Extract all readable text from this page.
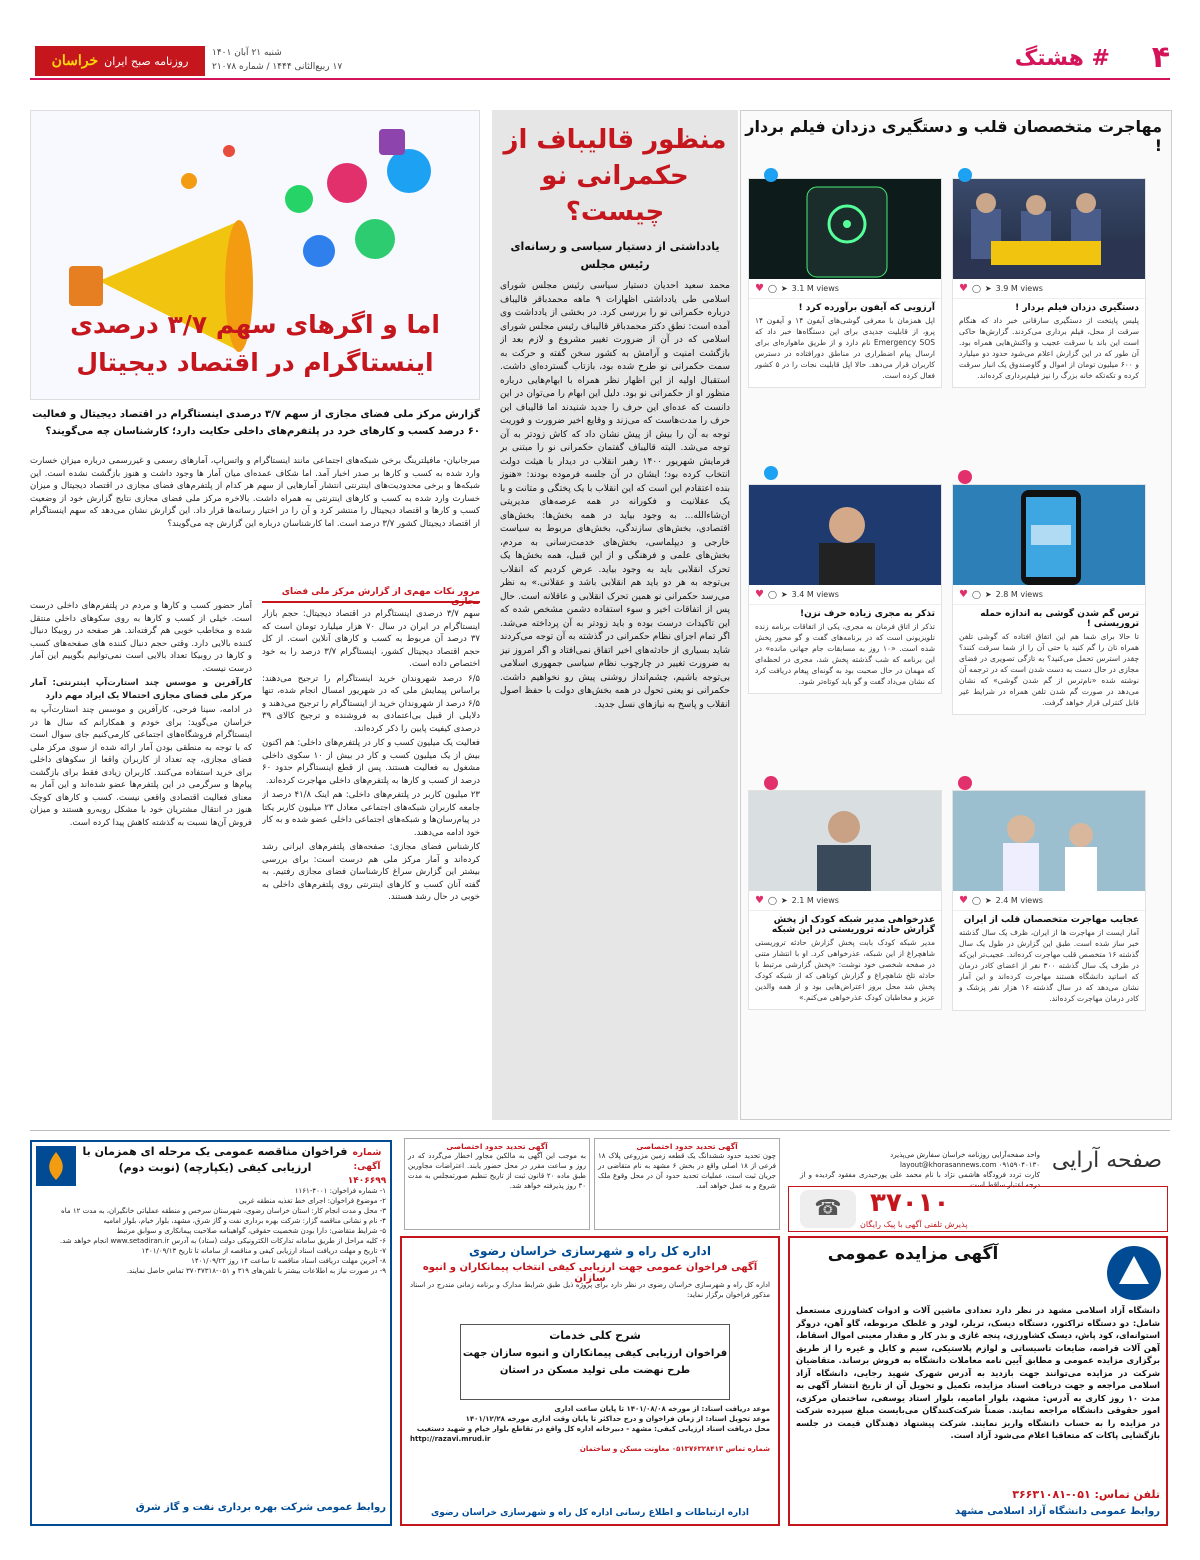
۴
# هشتگ
روزنامه صبح ایران
خراسان	شنبه ۲۱ آبان ۱۴۰۱
۱۷ ربیع‌الثانی ۱۴۴۴ / شماره ۲۱۰۷۸
مهاجرت متخصصان قلب و دستگیری دزدان فیلم بردار !
♥ ◯ ➤ 3.9 M views
دستگیری دزدان فیلم بردار !
پلیس پایتخت از دستگیری سارقانی خبر داد که هنگام سرقت از محل، فیلم برداری می‌کردند. گزارش‌ها حاکی است این باند با سرقت عجیب و واکنش‌هایی همراه بود. آن طور که در این گزارش اعلام می‌شود حدود دو میلیارد و ۶۰۰ میلیون تومان از اموال و گاوصندوق یک انبار سرقت کرده و تکه‌تکه خانه بزرگ را نیز فیلم‌برداری کرده‌اند.
♥ ◯ ➤ 3.1 M views
آرزویی که آیفون برآورده کرد !
اپل همزمان با معرفی گوشی‌های آیفون ۱۴ و آیفون ۱۴ پرو، از قابلیت جدیدی برای این دستگاه‌ها خبر داد که Emergency SOS نام دارد و از طریق ماهواره‌ای برای ارسال پیام اضطراری در مناطق دورافتاده در دسترس کاربران قرار می‌دهد. حالا اپل قابلیت نجات را در ۵ کشور فعال کرده است.
♥ ◯ ➤ 2.8 M views
ترس گم شدن گوشی به اندازه حمله تروریستی !
تا حالا برای شما هم این اتفاق افتاده که گوشی تلفن همراه تان را گم کنید یا حتی آن را از شما سرقت کنند؟ چقدر استرس تحمل می‌کنید؟ به تازگی تصویری در فضای مجازی در حال دست به دست شدن است که در ترجمه آن نوشته شده «نام‌ترس از گم شدن گوشی» که نشان می‌دهد در صورت گم شدن تلفن همراه در شرایط غیر قابل کنترلی قرار خواهد گرفت.
♥ ◯ ➤ 3.4 M views
تذکر به مجری زیاده حرف نزن!
تذکر از اتاق فرمان به مجری، یکی از اتفاقات برنامه زنده تلویزیونی است که در برنامه‌های گفت و گو محور پخش شده است. «۱۰ روز به مسابقات جام جهانی مانده» در این برنامه که شب گذشته پخش شد، مجری در لحظه‌ای که مهمان در حال صحبت بود به گونه‌ای پیغام دریافت کرد که نشان می‌داد گفت و گو باید کوتاه‌تر شود.
♥ ◯ ➤ 2.4 M views
عجایب مهاجرت متخصصان قلب از ایران
آمار ایست از مهاجرت ها از ایران، ظرف یک سال گذشته خبر ساز شده است. طبق این گزارش در طول یک سال گذشته ۱۶ متخصص قلب مهاجرت کرده‌اند. عجیب‌تر این‌که در طرف یک سال گذشته ۳۰۰ نفر از اعضای کادر درمان که اساتید دانشگاه هستند مهاجرت کرده‌اند و این آمار نشان می‌دهد که در سال گذشته ۱۶ هزار نفر پزشک و کادر درمان مهاجرت کرده‌اند.
♥ ◯ ➤ 2.1 M views
عذرخواهی مدیر شبکه کودک از پخش گزارش حادثه تروریستی در این شبکه
مدیر شبکه کودک بابت پخش گزارش حادثه تروریستی شاهچراغ از این شبکه، عذرخواهی کرد. او با انتشار متنی در صفحه شخصی خود نوشت: «پخش گزارشی مرتبط با حادثه تلخ شاهچراغ و گزارش کوتاهی که از شبکه کودک پخش شد محل بروز اعتراض‌هایی بود و از همه والدین عزیز و مخاطبان کودک عذرخواهی می‌کنم.»
منظور قالیباف از حکمرانی نو چیست؟
یادداشتی از دستیار سیاسی و رسانه‌ای رئیس مجلس
محمد سعید احدیان دستیار سیاسی رئیس مجلس شورای اسلامی طی یادداشتی اظهارات ۹ ماهه محمدباقر قالیباف درباره حکمرانی نو را بررسی کرد. در بخشی از یادداشت وی آمده است: نطق دکتر محمدباقر قالیباف رئیس مجلس شورای اسلامی که در آن از ضرورت تغییر مشروع و لازم بعد از بازگشت امنیت و آرامش به کشور سخن گفته و حرکت به سمت حکمرانی نو طرح شده بود، بازتاب گسترده‌ای داشت. استقبال اولیه از این اظهار نظر همراه با ابهام‌هایی درباره منظور او از حکمرانی نو بود. دلیل این ابهام را می‌توان در این دانست که عده‌ای این حرف را جدید شنیدند اما قالیباف این حرف را مدت‌هاست که می‌زند و وقایع اخیر ضرورت و فوریت توجه به آن را بیش از پیش نشان داد که کاش زودتر به آن توجه می‌شد. البته قالیباف گفتمان حکمرانی نو را مبتنی بر فرمایش شهریور ۱۴۰۰ رهبر انقلاب در دیدار با هیئت دولت انتخاب کرده بود؛ ایشان در آن جلسه فرموده بودند: «هنوز بنده اعتقادم این است که این انقلاب با یک پختگی و متانت و با یک عقلانیت و فکورانه در همه عرصه‌های مدیریتی ان‌شاءالله... به وجود بیاید در همه بخش‌ها: بخش‌های اقتصادی، بخش‌های سازندگی، بخش‌های مربوط به سیاست خارجی و دیپلماسی، بخش‌های خدمت‌رسانی به مردم، بخش‌های علمی و فرهنگی و از این قبیل، همه بخش‌ها یک تحرک انقلابی باید به وجود بیاید. عرض کردیم که انقلاب بی‌توجه به هر دو باید هم انقلابی باشد و عقلانی.» به نظر می‌رسد حکمرانی نو همین تحرک انقلابی و عاقلانه است. حال پس از اتفاقات اخیر و سوء استفاده دشمن مشخص شده که این تاکیدات درست بوده و باید زودتر به آن پرداخته می‌شد. اگر تمام اجزای نظام حکمرانی در گذشته به آن توجه می‌کردند شاید بسیاری از حادثه‌های اخیر اتفاق نمی‌افتاد و اگر امروز نیز به ضرورت تغییر در چارچوب نظام سیاسی جمهوری اسلامی بی‌توجه باشیم، چشم‌انداز روشنی پیش رو نخواهیم داشت. حکمرانی نو یعنی تحول در همه بخش‌های دولت با حفظ اصول انقلاب و پاسخ به نیازهای نسل جدید.
اما و اگرهای سهم ۳/۷ درصدی اینستاگرام در اقتصاد دیجیتال
گزارش مرکز ملی فضای مجازی از سهم ۳/۷ درصدی اینستاگرام در اقتصاد دیجیتال و فعالیت ۶۰ درصد کسب و کارهای خرد در پلتفرم‌های داخلی حکایت دارد؛ کارشناسان چه می‌گویند؟
میرجانیان- مافیلترینگ برخی شبکه‌های اجتماعی مانند اینستاگرام و واتس‌اپ، آمارهای رسمی و غیررسمی درباره میزان خسارت وارد شده به کسب و کارها بر صدر اخبار آمد. اما شکاف عمده‌ای میان آمار ها وجود داشت و هنوز بازگشت نشده است. این شبکه‌ها و برخی محدودیت‌های اینترنتی انتشار آمارهایی از سهم هر کدام از پلتفرم‌های فضای مجازی در اقتصاد دیجیتال و میزان خسارت وارد شده به کسب و کارهای اینترنتی به همراه داشت. بالاخره مرکز ملی فضای مجازی نتایج گزارش خود از وضعیت کسب و کارها و اقتصاد دیجیتال را منتشر کرد و آن را در اختیار رسانه‌ها قرار داد. این گزارش نشان می‌دهد که سهم اینستاگرام از اقتصاد دیجیتال کشور ۳/۷ درصد است. اما کارشناسان درباره این گزارش چه می‌گویند؟
مرور نکات مهم‌ی از گزارش مرکز ملی فضای مجازی

سهم ۳/۷ درصدی اینستاگرام در اقتصاد دیجیتال: حجم بازار اینستاگرام در ایران در سال ۷۰ هزار میلیارد تومان است که ۳۷ درصد آن مربوط به کسب و کارهای آنلاین است. از کل حجم اقتصاد دیجیتال کشور، اینستاگرام ۳/۷ درصد را به خود اختصاص داده است.

۶/۵ درصد شهروندان خرید اینستاگرام را ترجیح می‌دهند: براساس پیمایش ملی که در شهریور امسال انجام شده، تنها ۶/۵ درصد از شهروندان خرید از اینستاگرام را ترجیح می‌دهند و دلایلی از قبیل بی‌اعتمادی به فروشنده و ترجیح کالای ۳۹ درصدی کیفیت پایین را ذکر کرده‌اند.

فعالیت یک میلیون کسب و کار در پلتفرم‌های داخلی: هم اکنون بیش از یک میلیون کسب و کار در بیش از ۱۰ سکوی داخلی مشغول به فعالیت هستند. پس از قطع اینستاگرام حدود ۶۰ درصد از کسب و کارها به پلتفرم‌های داخلی مهاجرت کرده‌اند.

۲۳ میلیون کاربر در پلتفرم‌های داخلی: هم اینک ۴۱/۸ درصد از جامعه کاربران شبکه‌های اجتماعی معادل ۲۳ میلیون کاربر یکتا در پیام‌رسان‌ها و شبکه‌های اجتماعی داخلی عضو شده و به کار خود ادامه می‌دهند.

کارشناس فضای مجازی: صفحه‌های پلتفرم‌های ایرانی رشد کرده‌اند و آمار مرکز ملی هم درست است: برای بررسی بیشتر این گزارش سراغ کارشناسان فضای مجازی رفتیم. به گفته آنان کسب و کارهای اینترنتی روی پلتفرم‌های داخلی به خوبی در حال رشد هستند.

آمار حضور کسب و کارها و مردم در پلتفرم‌های داخلی درست است. خیلی از کسب و کارها به روی سکوهای داخلی منتقل شده و مخاطب خوبی هم گرفته‌اند. هر صفحه در روبیکا دنبال کننده بالایی دارد. وقتی حجم دنبال کننده های صفحه‌های کسب و کارها در روبیکا تعداد بالایی است نمی‌توانیم بگوییم این آمار درست نیست.

کارآفرین و موسس چند استارت‌آپ اینترنتی: آمار مرکز ملی فضای مجازی احتمالا یک ایراد مهم دارد

در ادامه، سینا فرحی، کارآفرین و موسس چند استارت‌آپ به خراسان می‌گوید: برای خودم و همکارانم که سال ها در اینستاگرام فروشگاه‌های اجتماعی کارمی‌کنیم جای سوال است که با توجه به منطقی بودن آمار ارائه شده از سوی مرکز ملی فضای مجازی، چه تعداد از کاربران واقعا از سکوهای داخلی برای خرید استفاده می‌کنند. کاربران زیادی فقط برای بازگشت پیام‌ها و سرگرمی در این پلتفرم‌ها عضو شده‌اند و این آمار به معنای فعالیت اقتصادی واقعی نیست. کسب و کارهای کوچک هنوز در انتقال مشتریان خود با مشکل روبه‌رو هستند و میزان فروش آن‌ها نسبت به گذشته کاهش پیدا کرده است.

صفحه آرایی
واحد صفحه‌آرایی روزنامه خراسان سفارش می‌پذیرد
layout@khorasannews.com ۰۹۱۵۹۰۴۰۱۳۰
کارت تردد فرودگاه هاشمی نژاد با نام محمد علی پورحیدری مفقود گردیده و از درجه اعتبار ساقط است.
☎	۳۷۰۱۰
پذیرش تلفنی آگهی با پیک رایگان
آگهی مزایده عمومی
دانشگاه آزاد اسلامی مشهد در نظر دارد تعدادی ماشین آلات و ادوات کشاورزی مستعمل شامل: دو دستگاه تراکتور، دستگاه دیسک، تریلر، لودر و غلطک مربوطه، گاو آهن، دروگر استوانه‌ای، کود پاش، دیسک کشاورزی، پنجه غازی و بذر کار و مقدار معینی اموال اسقاط، آهن آلات قراضه، ضایعات تاسیساتی و لوازم پلاستیکی، سیم و کابل و غیره را از طریق برگزاری مزایده عمومی و مطابق آیین نامه معاملات دانشگاه به فروش برساند. متقاضیان شرکت در مزایده می‌توانند جهت بازدید به آدرس شهرک شهید رجایی، دانشگاه آزاد اسلامی مراجعه و جهت دریافت اسناد مزایده، تکمیل و تحویل آن از تاریخ انتشار آگهی به مدت ۱۰ روز کاری به آدرس: مشهد، بلوار امامیه، بلوار استاد یوسفی، ساختمان مرکزی، امور حقوقی دانشگاه مراجعه نمایند. ضمناً شرکت‌کنندگان می‌بایست مبلغ سپرده شرکت در مزایده را به حساب دانشگاه واریز نمایند. شرکت پیشنهاد دهندگان قیمت در جلسه بازگشایی پاکات که متعاقبا اعلام می‌شود آزاد است.
تلفن تماس: ۰۵۱-۳۶۶۳۱۰۸۱
روابط عمومی دانشگاه آزاد اسلامی مشهد
آگهی تحدید حدود اختصاصی
چون تحدید حدود ششدانگ یک قطعه زمین مزروعی پلاک ۱۸ فرعی از ۱۸ اصلی واقع در بخش ۶ مشهد به نام متقاضی در جریان ثبت است، عملیات تحدید حدود آن در محل وقوع ملک شروع و به عمل خواهد آمد.
آگهی تحدید حدود اختصاصی
به موجب این آگهی به مالکین مجاور اخطار می‌گردد که در روز و ساعت مقرر در محل حضور یابند. اعتراضات مجاورین طبق ماده ۲۰ قانون ثبت از تاریخ تنظیم صورتمجلس به مدت ۳۰ روز پذیرفته خواهد شد.
اداره کل راه و شهرسازی خراسان رضوی
آگهی فراخوان عمومی جهت ارزیابی کیفی انتخاب پیمانکاران و انبوه سازان
اداره کل راه و شهرسازی خراسان رضوی در نظر دارد برای پروژه ذیل طبق شرایط مدارک و برنامه زمانی مندرج در اسناد مذکور فراخوان برگزار نماید:
شرح کلی خدمات
فراخوان ارزیابی کیفی پیمانکاران و انبوه سازان جهت طرح نهضت ملی تولید مسکن در استان
موعد دریافت اسناد: از مورخه ۱۴۰۱/۰۸/۰۸ تا پایان ساعت اداری
موعد تحویل اسناد: از زمان فراخوان و درج حداکثر تا پایان وقت اداری مورخه ۱۴۰۱/۱۲/۲۸
محل دریافت اسناد ارزیابی کیفی: مشهد - دبیرخانه اداره کل واقع در تقاطع بلوار خیام و شهید دستغیب
http://razavi.mrud.ir
شماره تماس ۰۵۱۳۷۶۳۲۸۴۱۳ معاونت مسکن و ساختمان
اداره ارتباطات و اطلاع رسانی اداره کل راه و شهرسازی خراسان رضوی
فراخوان مناقصه عمومی یک مرحله ای همزمان با ارزیابی کیفی (یکپارچه) (نوبت دوم)
شماره آگهی: ۱۴۰۶۶۹۹
۱- شماره فراخوان: ۴۰۰۱-۱۱۶۱
۲- موضوع فراخوان: اجرای خط تغذیه منطقه غربی
۳- محل و مدت انجام کار: استان خراسان رضوی، شهرستان سرخس و منطقه عملیاتی خانگیران، به مدت ۱۲ ماه
۴- نام و نشانی مناقصه گزار: شرکت بهره برداری نفت و گاز شرق، مشهد، بلوار خیام، بلوار امامیه
۵- شرایط متقاضی: دارا بودن شخصیت حقوقی، گواهینامه صلاحیت پیمانکاری و سوابق مرتبط
۶- کلیه مراحل از طریق سامانه تدارکات الکترونیکی دولت (ستاد) به آدرس www.setadiran.ir انجام خواهد شد.
۷- تاریخ و مهلت دریافت اسناد ارزیابی کیفی و مناقصه از سامانه تا تاریخ ۱۴۰۱/۰۹/۱۳
۸- آخرین مهلت دریافت اسناد مناقصه تا ساعت ۱۴ روز ۱۴۰۱/۰۹/۲۲
۹- در صورت نیاز به اطلاعات بیشتر با تلفن‌های ۳۱۹ و ۰۵۱-۳۷۰۴۷۳۱۸ تماس حاصل نمایند.
روابط عمومی شرکت بهره برداری نفت و گاز شرق
